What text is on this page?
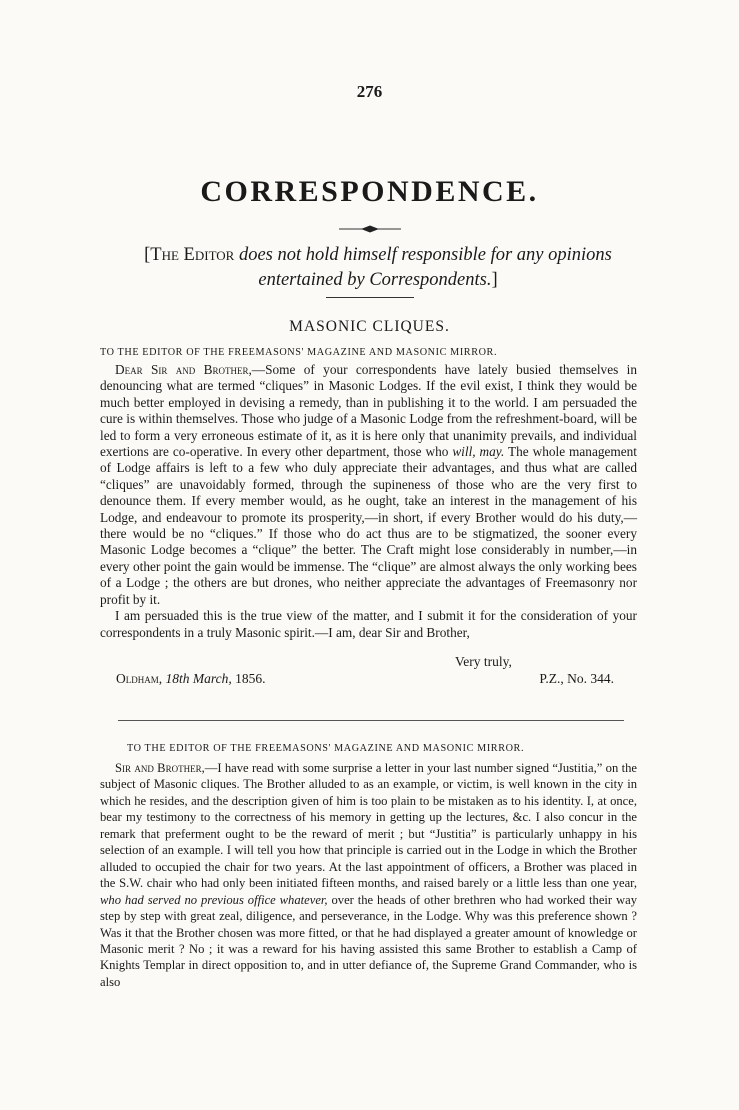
276
CORRESPONDENCE.
[The Editor does not hold himself responsible for any opinions entertained by Correspondents.]
MASONIC CLIQUES.
TO THE EDITOR OF THE FREEMASONS' MAGAZINE AND MASONIC MIRROR.

Dear Sir and Brother,—Some of your correspondents have lately busied themselves in denouncing what are termed “cliques” in Masonic Lodges. If the evil exist, I think they would be much better employed in devising a remedy, than in publishing it to the world. I am persuaded the cure is within themselves. Those who judge of a Masonic Lodge from the refreshment-board, will be led to form a very erroneous estimate of it, as it is here only that unanimity prevails, and individual exertions are co-operative. In every other department, those who will, may. The whole management of Lodge affairs is left to a few who duly appreciate their advantages, and thus what are called “cliques” are unavoidably formed, through the supineness of those who are the very first to denounce them. If every member would, as he ought, take an interest in the management of his Lodge, and endeavour to promote its prosperity,—in short, if every Brother would do his duty,—there would be no “cliques.” If those who do act thus are to be stigmatized, the sooner every Masonic Lodge becomes a “clique” the better. The Craft might lose considerably in number,—in every other point the gain would be immense. The “clique” are almost always the only working bees of a Lodge ; the others are but drones, who neither appreciate the advantages of Freemasonry nor profit by it.

I am persuaded this is the true view of the matter, and I submit it for the consideration of your correspondents in a truly Masonic spirit.—I am, dear Sir and Brother,

Very truly,
Oldham, 18th March, 1856.	P.Z., No. 344.
TO THE EDITOR OF THE FREEMASONS' MAGAZINE AND MASONIC MIRROR.

Sir and Brother,—I have read with some surprise a letter in your last number signed “Justitia,” on the subject of Masonic cliques. The Brother alluded to as an example, or victim, is well known in the city in which he resides, and the description given of him is too plain to be mistaken as to his identity. I, at once, bear my testimony to the correctness of his memory in getting up the lectures, &c. I also concur in the remark that preferment ought to be the reward of merit ; but “Justitia” is particularly unhappy in his selection of an example. I will tell you how that principle is carried out in the Lodge in which the Brother alluded to occupied the chair for two years. At the last appointment of officers, a Brother was placed in the S.W. chair who had only been initiated fifteen months, and raised barely or a little less than one year, who had served no previous office whatever, over the heads of other brethren who had worked their way step by step with great zeal, diligence, and perseverance, in the Lodge. Why was this preference shown ? Was it that the Brother chosen was more fitted, or that he had displayed a greater amount of knowledge or Masonic merit ? No ; it was a reward for his having assisted this same Brother to establish a Camp of Knights Templar in direct opposition to, and in utter defiance of, the Supreme Grand Commander, who is also
